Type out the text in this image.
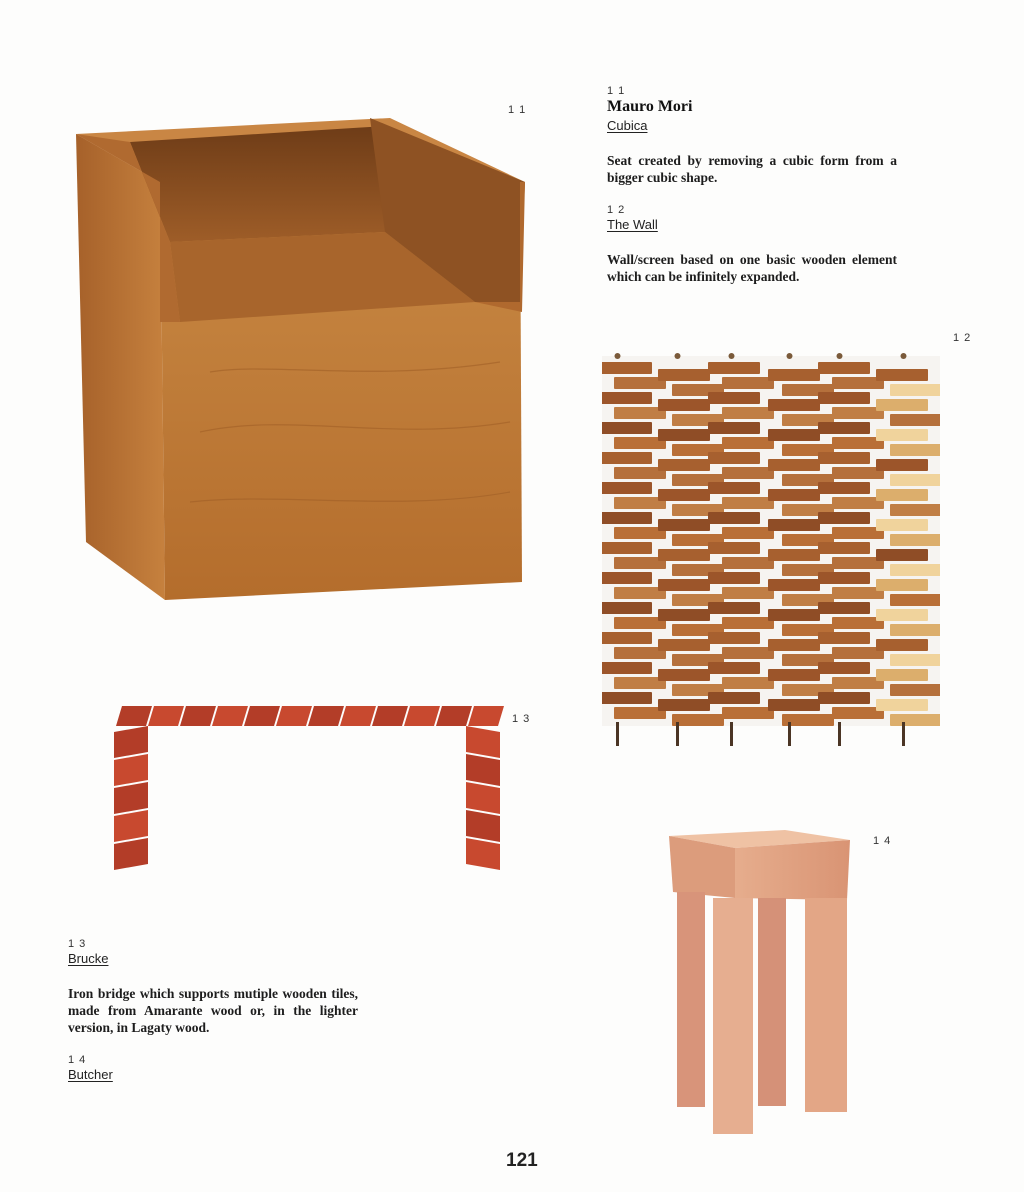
1 1
1 2
1 3
1 4
1 1
Mauro Mori
Cubica
Seat created by removing a cubic form from a bigger cubic shape.
1 2
The Wall
Wall/screen based on one basic wooden element which can be infinitely expanded.
1 3
Brucke
Iron bridge which supports mutiple wooden tiles, made from Amarante wood or, in the lighter version, in Lagaty wood.
1 4
Butcher
121
